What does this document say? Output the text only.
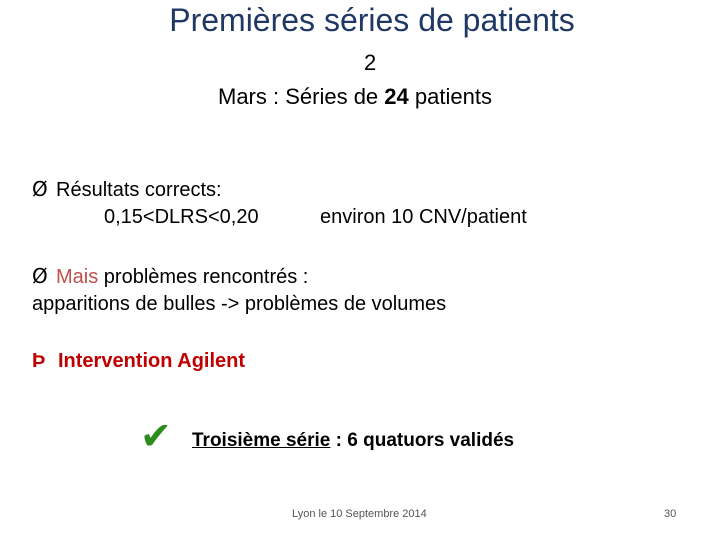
Premières séries de patients
2
Mars : Séries de 24 patients
Ø Résultats corrects:
0,15<DLRS<0,20	environ 10 CNV/patient
Ø Mais problèmes rencontrés :
apparitions de bulles -> problèmes de volumes
Þ Intervention Agilent
✔ Troisième série : 6 quatuors validés
Lyon le 10 Septembre 2014	30
